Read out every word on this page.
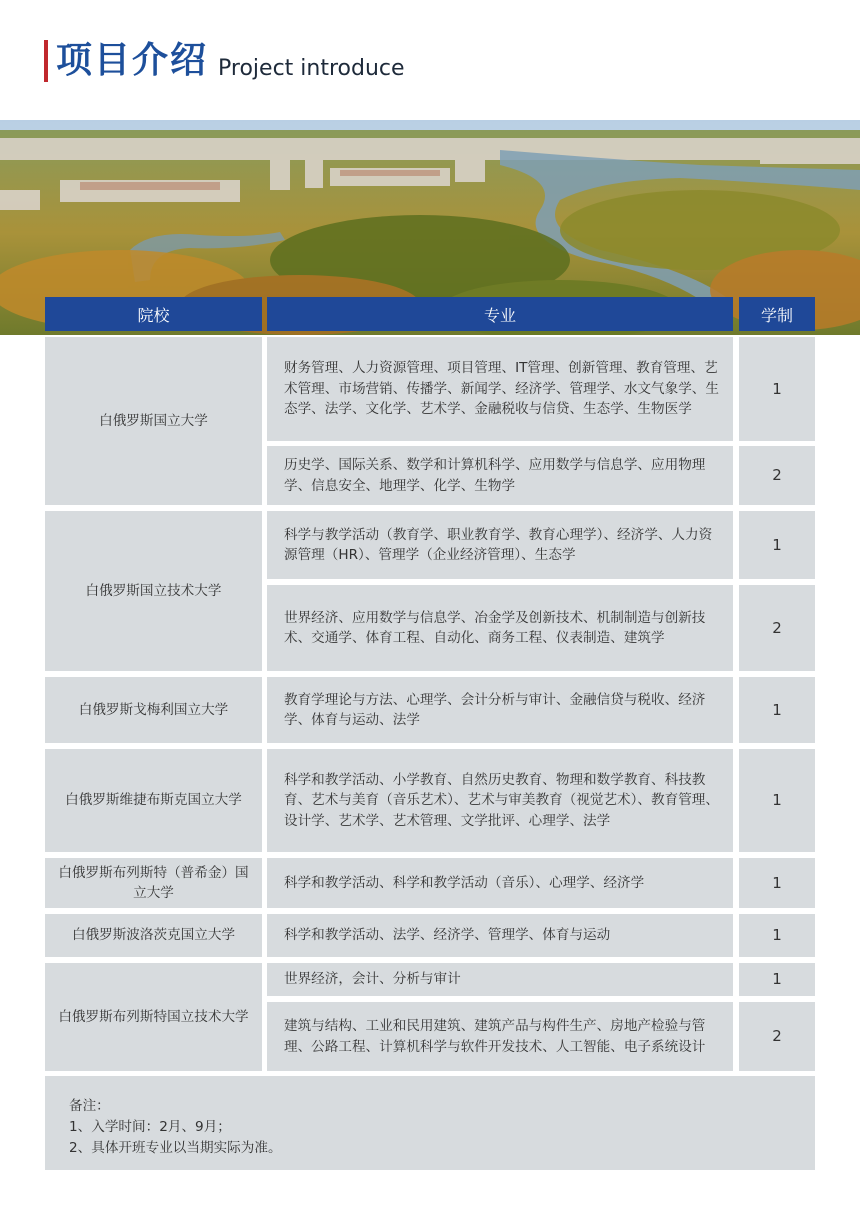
项目介绍 Project introduce
院校	专业	学制
白俄罗斯国立大学
白俄罗斯国立技术大学
白俄罗斯戈梅利国立大学
白俄罗斯维捷布斯克国立大学
白俄罗斯布列斯特（普希金）国立大学
白俄罗斯波洛茨克国立大学
白俄罗斯布列斯特国立技术大学
财务管理、人力资源管理、项目管理、IT管理、创新管理、教育管理、艺术管理、市场营销、传播学、新闻学、经济学、管理学、水文气象学、生态学、法学、文化学、艺术学、金融税收与信贷、生态学、生物医学
历史学、国际关系、数学和计算机科学、应用数学与信息学、应用物理学、信息安全、地理学、化学、生物学
科学与教学活动（教育学、职业教育学、教育心理学）、经济学、人力资源管理（HR）、管理学（企业经济管理）、生态学
世界经济、应用数学与信息学、冶金学及创新技术、机制制造与创新技术、交通学、体育工程、自动化、商务工程、仪表制造、建筑学
教育学理论与方法、心理学、会计分析与审计、金融信贷与税收、经济学、体育与运动、法学
科学和教学活动、小学教育、自然历史教育、物理和数学教育、科技教育、艺术与美育（音乐艺术）、艺术与审美教育（视觉艺术）、教育管理、设计学、艺术学、艺术管理、文学批评、心理学、法学
科学和教学活动、科学和教学活动（音乐）、心理学、经济学
科学和教学活动、法学、经济学、管理学、体育与运动
世界经济，会计、分析与审计
建筑与结构、工业和民用建筑、建筑产品与构件生产、房地产检验与管理、公路工程、计算机科学与软件开发技术、人工智能、电子系统设计
1
2
1
2
1
1
1
1
1
2
备注：
1、入学时间：2月、9月；
2、具体开班专业以当期实际为准。
